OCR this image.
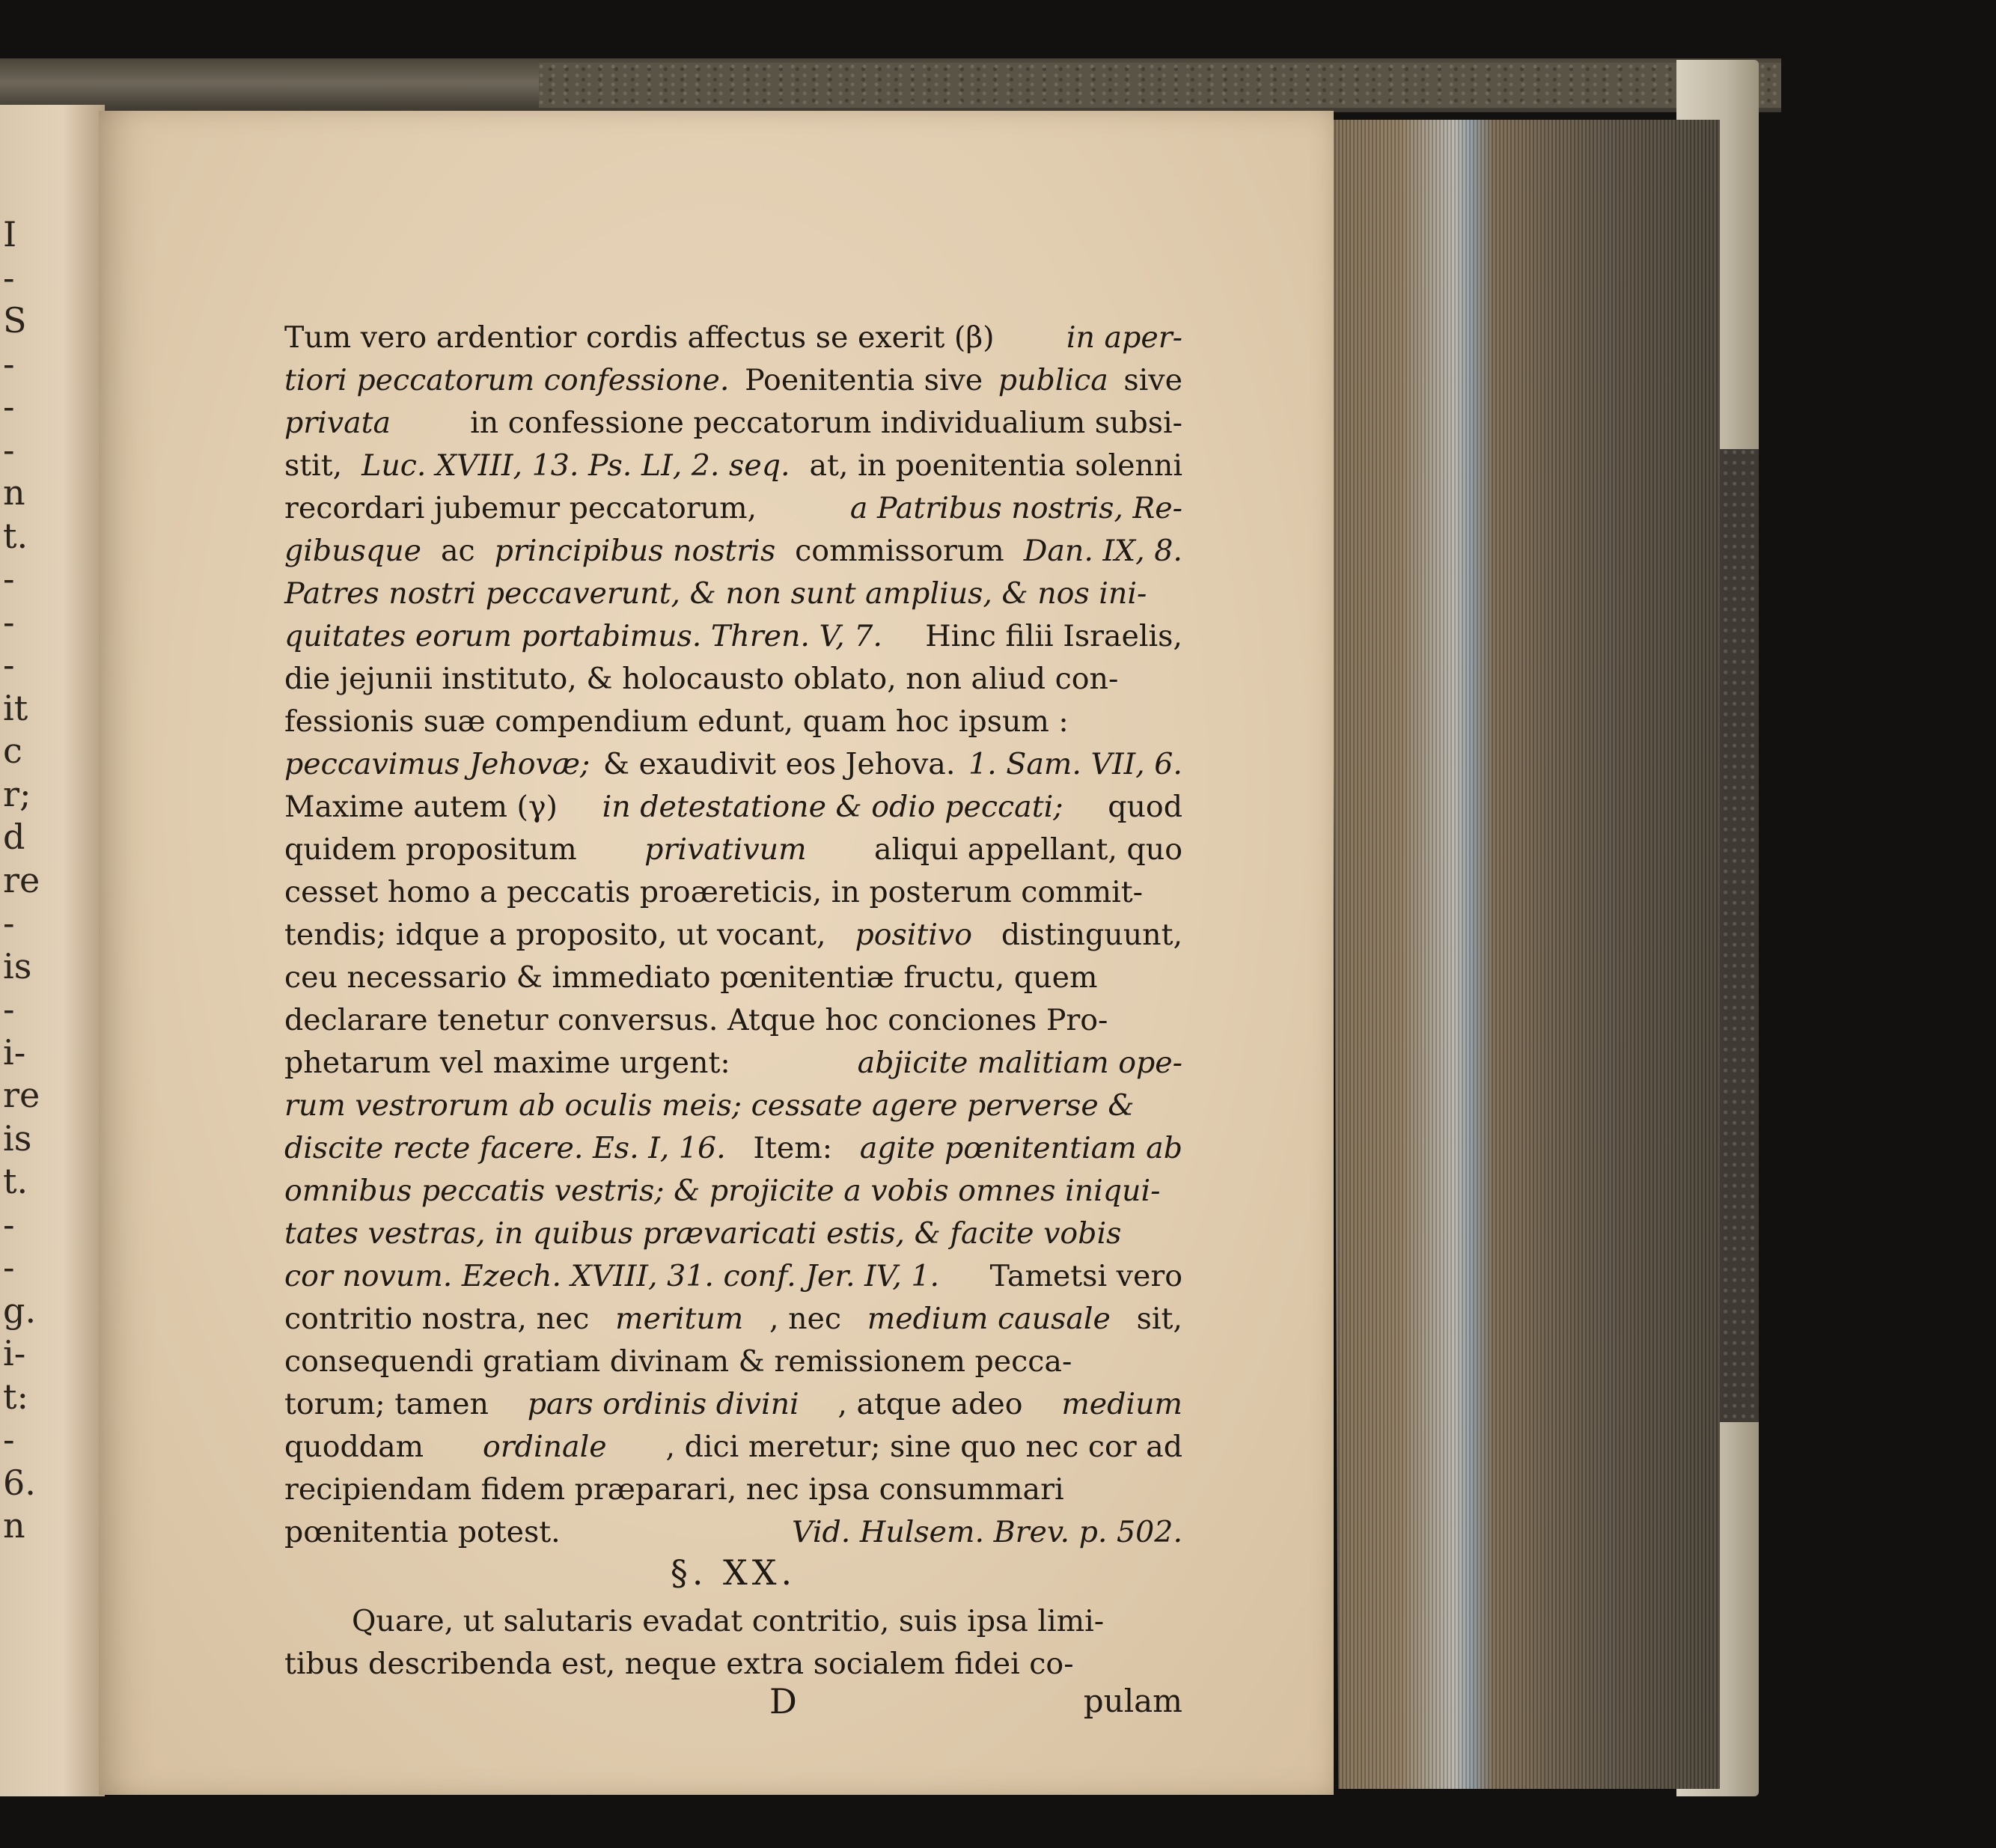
I
-
S
-
-
-
n
t.
-
-
-
it
c
r;
d
re
-
is
-
i-
re
is
t.
-
-
g.
i-
t:
-
6.
n
Tum vero ardentior cordis affectus se exerit (β) in aper-
tiori peccatorum confessione. Poenitentia sive publica sive
privata	in confessione peccatorum individualium subsi-
stit, Luc. XVIII, 13. Ps. LI, 2. seq. at, in poenitentia solenni
recordari jubemur peccatorum,	a Patribus nostris, Re-
gibusque ac principibus nostris commissorum Dan. IX, 8.
Patres nostri peccaverunt, & non sunt amplius, & nos ini-
quitates eorum portabimus. Thren. V, 7. Hinc filii Israelis,
die jejunii instituto, & holocausto oblato, non aliud con-
fessionis suæ compendium edunt, quam hoc ipsum :
peccavimus Jehovæ; & exaudivit eos Jehova. 1. Sam. VII, 6.
Maxime autem (γ) in detestatione & odio peccati; quod
quidem propositum privativum aliqui appellant, quo
cesset homo a peccatis proæreticis, in posterum commit-
tendis; idque a proposito, ut vocant, positivo distinguunt,
ceu necessario & immediato pœnitentiæ fructu, quem
declarare tenetur conversus. Atque hoc conciones Pro-
phetarum vel maxime urgent:	abjicite malitiam ope-
rum vestrorum ab oculis meis; cessate agere perverse &
discite recte facere. Es. I, 16. Item: agite pœnitentiam ab
omnibus peccatis vestris; & projicite a vobis omnes iniqui-
tates vestras, in quibus prævaricati estis, & facite vobis
cor novum. Ezech. XVIII, 31. conf. Jer. IV, 1. Tametsi vero
contritio nostra, nec meritum , nec medium causale sit,
consequendi gratiam divinam & remissionem pecca-
torum; tamen pars ordinis divini , atque adeo medium
quoddam ordinale , dici meretur; sine quo nec cor ad
recipiendam fidem præparari, nec ipsa consummari
pœnitentia potest.	Vid. Hulsem. Brev. p. 502.
§. XX.
Quare, ut salutaris evadat contritio, suis ipsa limi-
tibus describenda est, neque extra socialem fidei co-
D	pulam
